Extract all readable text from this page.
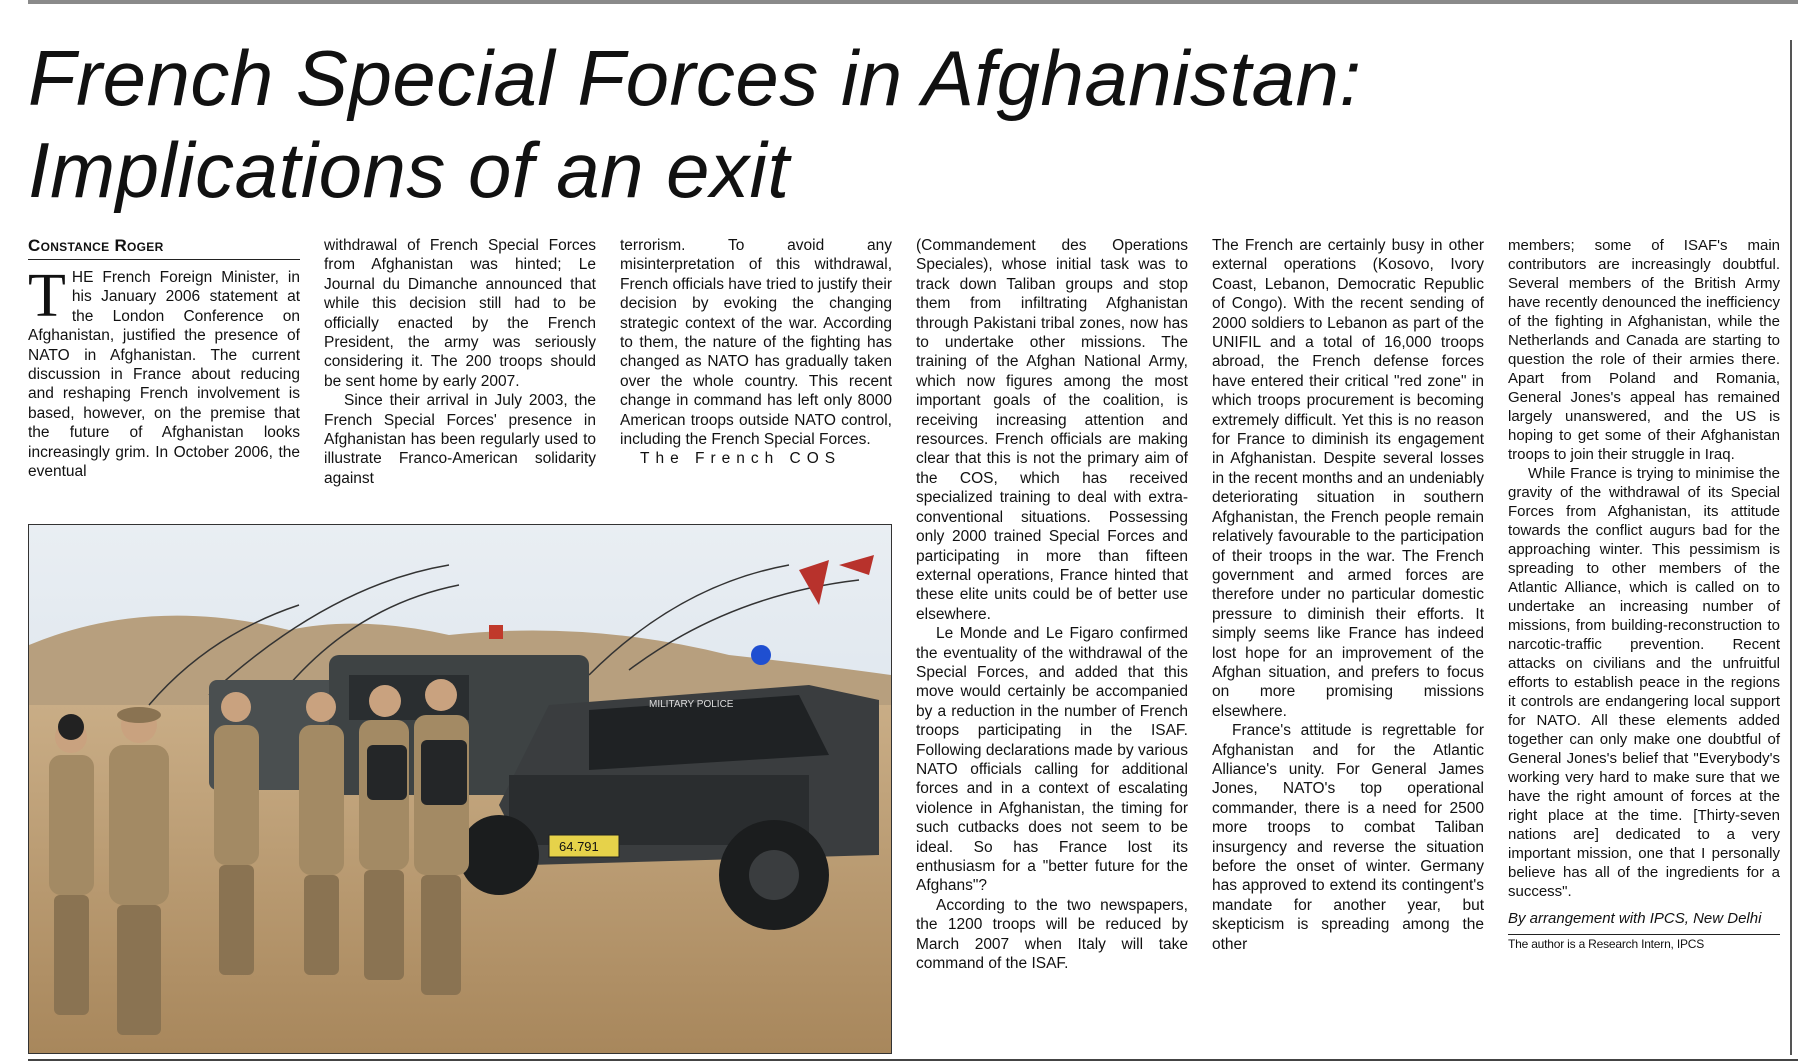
French Special Forces in Afghanistan:
Implications of an exit
Constance Roger

THE French Foreign Minister, in his January 2006 statement at the London Conference on Afghanistan, justified the presence of NATO in Afghanistan. The current discussion in France about reducing and reshaping French involvement is based, however, on the premise that the future of Afghanistan looks increasingly grim. In October 2006, the eventual

withdrawal of French Special Forces from Afghanistan was hinted; Le Journal du Dimanche announced that while this decision still had to be officially enacted by the French President, the army was seriously considering it. The 200 troops should be sent home by early 2007.

Since their arrival in July 2003, the French Special Forces' presence in Afghanistan has been regularly used to illustrate Franco-American solidarity against

terrorism. To avoid any misinterpretation of this withdrawal, French officials have tried to justify their decision by evoking the changing strategic context of the war. According to them, the nature of the fighting has changed as NATO has gradually taken over the whole country. This recent change in command has left only 8000 American troops outside NATO control, including the French Special Forces.

The French COS

(Commandement des Operations Speciales), whose initial task was to track down Taliban groups and stop them from infiltrating Afghanistan through Pakistani tribal zones, now has to undertake other missions. The training of the Afghan National Army, which now figures among the most important goals of the coalition, is receiving increasing attention and resources. French officials are making clear that this is not the primary aim of the COS, which has received specialized training to deal with extra-conventional situations. Possessing only 2000 trained Special Forces and participating in more than fifteen external operations, France hinted that these elite units could be of better use elsewhere.

Le Monde and Le Figaro confirmed the eventuality of the withdrawal of the Special Forces, and added that this move would certainly be accompanied by a reduction in the number of French troops participating in the ISAF. Following declarations made by various NATO officials calling for additional forces and in a context of escalating violence in Afghanistan, the timing for such cutbacks does not seem to be ideal. So has France lost its enthusiasm for a "better future for the Afghans"?

According to the two newspapers, the 1200 troops will be reduced by March 2007 when Italy will take command of the ISAF.

The French are certainly busy in other external operations (Kosovo, Ivory Coast, Lebanon, Democratic Republic of Congo). With the recent sending of 2000 soldiers to Lebanon as part of the UNIFIL and a total of 16,000 troops abroad, the French defense forces have entered their critical "red zone" in which troops procurement is becoming extremely difficult. Yet this is no reason for France to diminish its engagement in Afghanistan. Despite several losses in the recent months and an undeniably deteriorating situation in southern Afghanistan, the French people remain relatively favourable to the participation of their troops in the war. The French government and armed forces are therefore under no particular domestic pressure to diminish their efforts. It simply seems like France has indeed lost hope for an improvement of the Afghan situation, and prefers to focus on more promising missions elsewhere.

France's attitude is regrettable for Afghanistan and for the Atlantic Alliance's unity. For General James Jones, NATO's top operational commander, there is a need for 2500 more troops to combat Taliban insurgency and reverse the situation before the onset of winter. Germany has approved to extend its contingent's mandate for another year, but skepticism is spreading among the other

members; some of ISAF's main contributors are increasingly doubtful. Several members of the British Army have recently denounced the inefficiency of the fighting in Afghanistan, while the Netherlands and Canada are starting to question the role of their armies there. Apart from Poland and Romania, General Jones's appeal has remained largely unanswered, and the US is hoping to get some of their Afghanistan troops to join their struggle in Iraq.

While France is trying to minimise the gravity of the withdrawal of its Special Forces from Afghanistan, its attitude towards the conflict augurs bad for the approaching winter. This pessimism is spreading to other members of the Atlantic Alliance, which is called on to undertake an increasing number of missions, from building-reconstruction to narcotic-traffic prevention. Recent attacks on civilians and the unfruitful efforts to establish peace in the regions it controls are endangering local support for NATO. All these elements added together can only make one doubtful of General Jones's belief that "Everybody's working very hard to make sure that we have the right amount of forces at the right place at the time. [Thirty-seven nations are] dedicated to a very important mission, one that I personally believe has all of the ingredients for a success".

By arrangement with IPCS, New Delhi

The author is a Research Intern, IPCS

MILITARY POLICE
64.791
